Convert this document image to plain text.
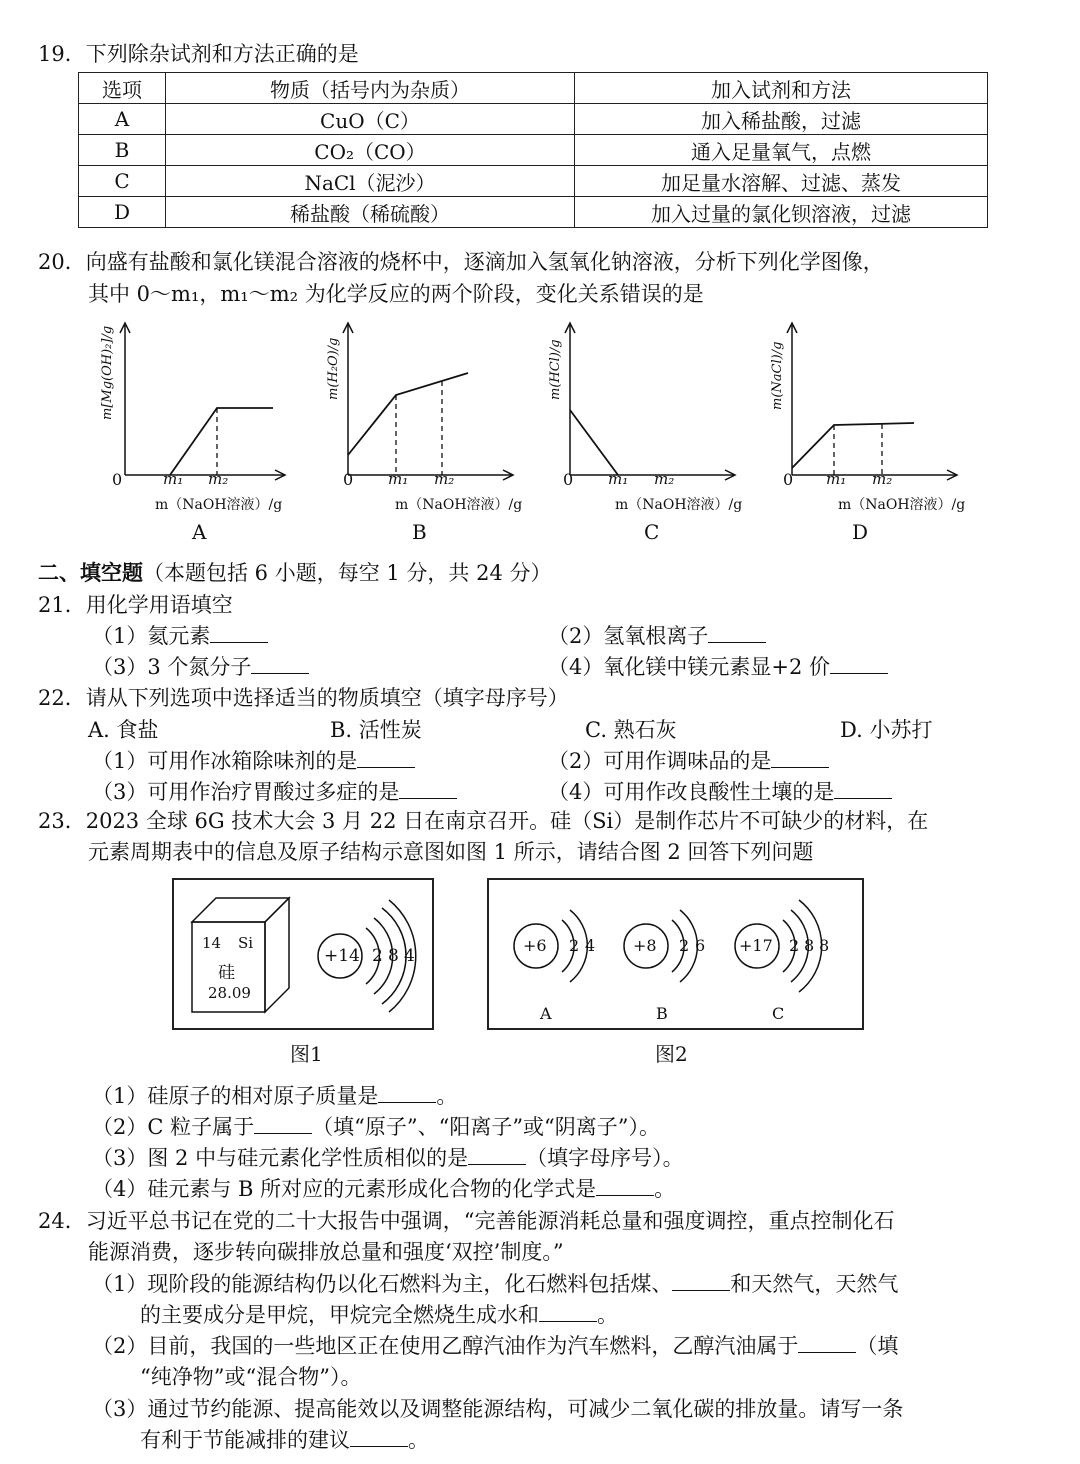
19．下列除杂试剂和方法正确的是
选项	物质（括号内为杂质）	加入试剂和方法
A	CuO（C）	加入稀盐酸，过滤
B	CO₂（CO）	通入足量氧气，点燃
C	NaCl（泥沙）	加足量水溶解、过滤、蒸发
D	稀盐酸（稀硫酸）	加入过量的氯化钡溶液，过滤
20．向盛有盐酸和氯化镁混合溶液的烧杯中，逐滴加入氢氧化钠溶液，分析下列化学图像，
其中 0～m₁，m₁～m₂ 为化学反应的两个阶段，变化关系错误的是
0	m₁ m₂
m（NaOH溶液）/g
m[Mg(OH)₂]/g
A
0 m₁ m₂
m（NaOH溶液）/g
m(H₂O)/g
B
0 m₁ m₂
m（NaOH溶液）/g
m(HCl)/g
C
0 m₁ m₂
m（NaOH溶液）/g
m(NaCl)/g
D
二、填空题（本题包括 6 小题，每空 1 分，共 24 分）
21．用化学用语填空
（1）氦元素	（2）氢氧根离子
（3）3 个氮分子	（4）氧化镁中镁元素显+2 价
22．请从下列选项中选择适当的物质填空（填字母序号）
A. 食盐	B. 活性炭	C. 熟石灰	D. 小苏打
（1）可用作冰箱除味剂的是	（2）可用作调味品的是
（3）可用作治疗胃酸过多症的是	（4）可用作改良酸性土壤的是
23．2023 全球 6G 技术大会 3 月 22 日在南京召开。硅（Si）是制作芯片不可缺少的材料，在
元素周期表中的信息及原子结构示意图如图 1 所示，请结合图 2 回答下列问题
14 Si
硅
28.09
+14 2 8 4
图1
+6 2 4 +8 2 6 +17 2 8 8
A	B	C
图2
（1）硅原子的相对原子质量是	。
（2）C 粒子属于	（填“原子”、“阳离子”或“阴离子”）。
（3）图 2 中与硅元素化学性质相似的是	（填字母序号）。
（4）硅元素与 B 所对应的元素形成化合物的化学式是	。
24．习近平总书记在党的二十大报告中强调，“完善能源消耗总量和强度调控，重点控制化石
能源消费，逐步转向碳排放总量和强度‘双控’制度。”
（1）现阶段的能源结构仍以化石燃料为主，化石燃料包括煤、	和天然气，天然气
的主要成分是甲烷，甲烷完全燃烧生成水和	。
（2）目前，我国的一些地区正在使用乙醇汽油作为汽车燃料，乙醇汽油属于	（填
“纯净物”或“混合物”）。
（3）通过节约能源、提高能效以及调整能源结构，可减少二氧化碳的排放量。请写一条
有利于节能减排的建议	。
